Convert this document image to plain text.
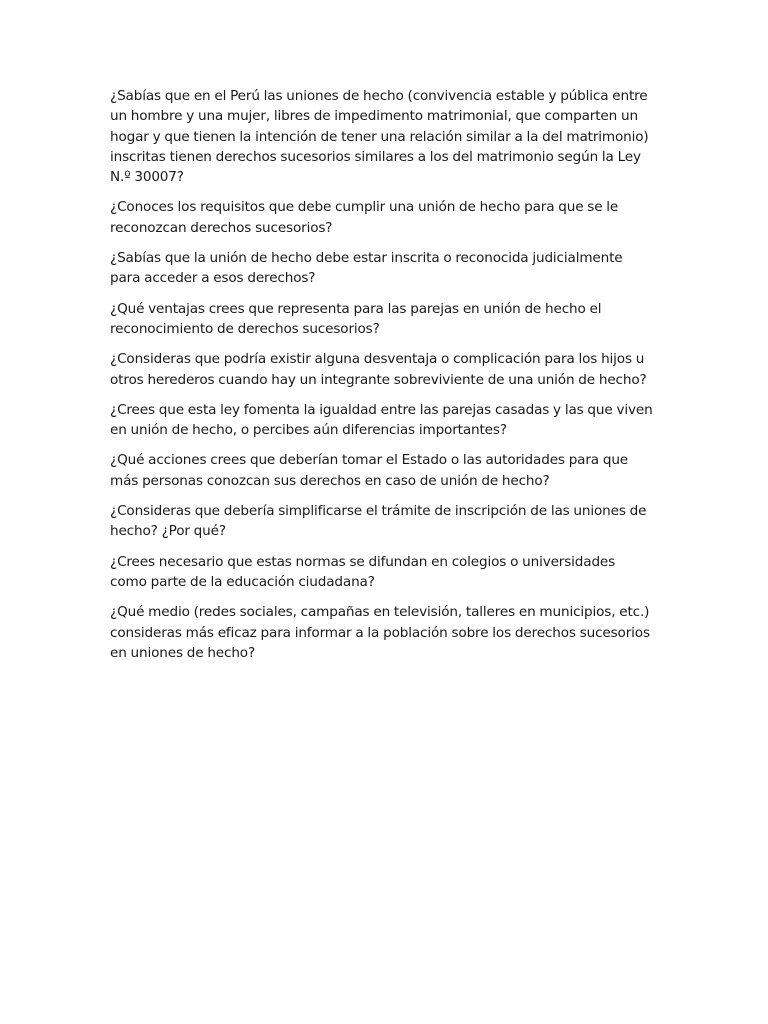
¿Sabías que en el Perú las uniones de hecho (convivencia estable y pública entre un hombre y una mujer, libres de impedimento matrimonial, que comparten un hogar y que tienen la intención de tener una relación similar a la del matrimonio) inscritas tienen derechos sucesorios similares a los del matrimonio según la Ley N.º 30007?

¿Conoces los requisitos que debe cumplir una unión de hecho para que se le reconozcan derechos sucesorios?

¿Sabías que la unión de hecho debe estar inscrita o reconocida judicialmente para acceder a esos derechos?

¿Qué ventajas crees que representa para las parejas en unión de hecho el reconocimiento de derechos sucesorios?

¿Consideras que podría existir alguna desventaja o complicación para los hijos u otros herederos cuando hay un integrante sobreviviente de una unión de hecho?

¿Crees que esta ley fomenta la igualdad entre las parejas casadas y las que viven en unión de hecho, o percibes aún diferencias importantes?

¿Qué acciones crees que deberían tomar el Estado o las autoridades para que más personas conozcan sus derechos en caso de unión de hecho?

¿Consideras que debería simplificarse el trámite de inscripción de las uniones de hecho? ¿Por qué?

¿Crees necesario que estas normas se difundan en colegios o universidades como parte de la educación ciudadana?

¿Qué medio (redes sociales, campañas en televisión, talleres en municipios, etc.) consideras más eficaz para informar a la población sobre los derechos sucesorios en uniones de hecho?
